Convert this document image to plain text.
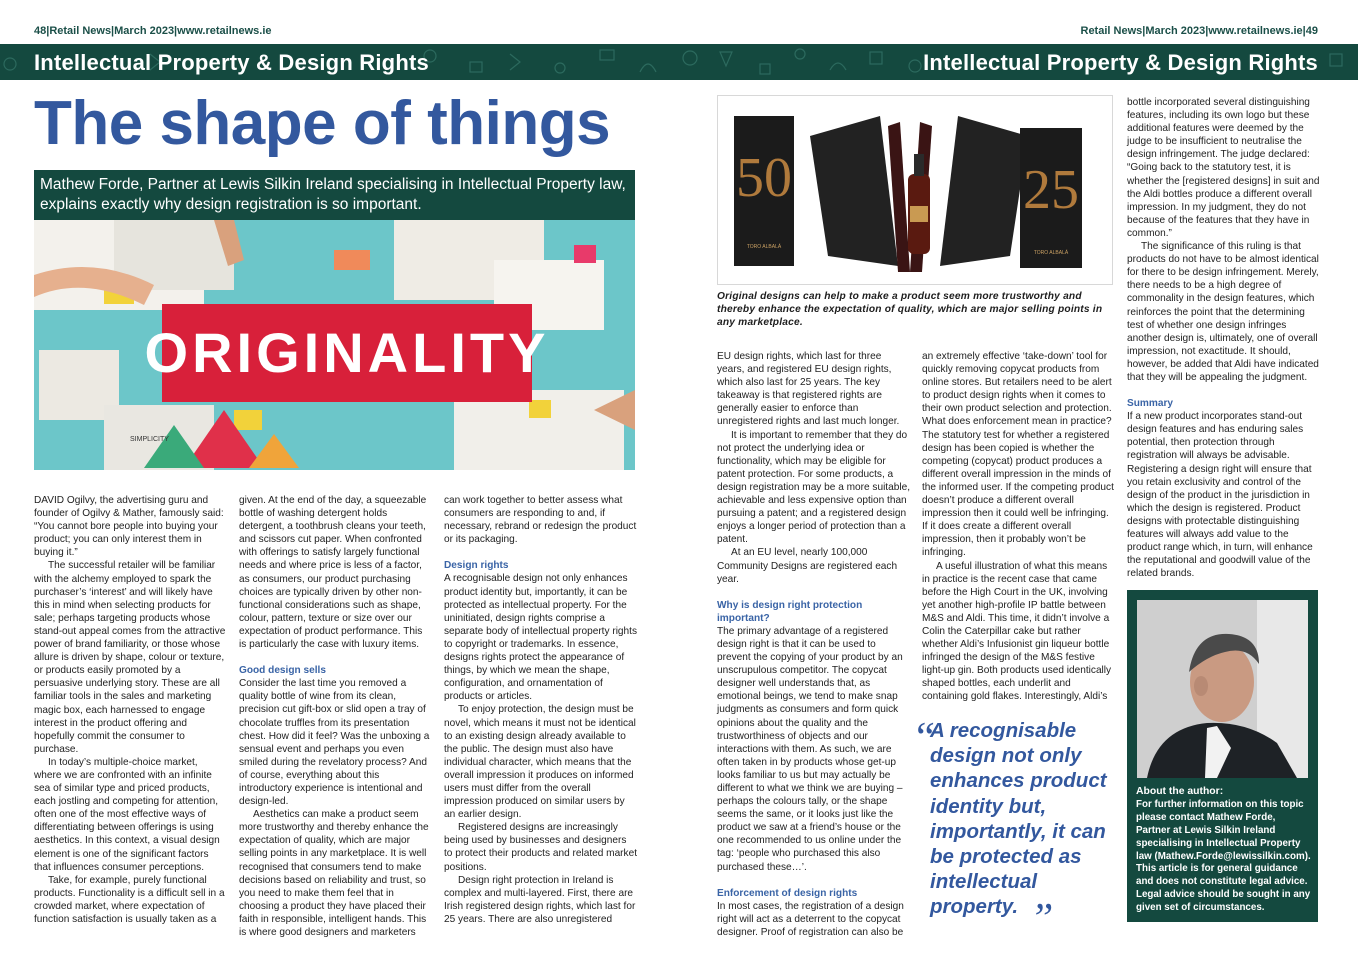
48|Retail News|March 2023|www.retailnews.ie	Retail News|March 2023|www.retailnews.ie|49
Intellectual Property & Design Rights	Intellectual Property & Design Rights
The shape of things
Mathew Forde, Partner at Lewis Silkin Ireland specialising in Intellectual Property law, explains exactly why design registration is so important.
ORIGINALITY
SIMPLICITY

DAVID Ogilvy, the advertising guru and founder of Ogilvy & Mather, famously said: “You cannot bore people into buying your product; you can only interest them in buying it.”

The successful retailer will be familiar with the alchemy employed to spark the purchaser’s ‘interest’ and will likely have this in mind when selecting products for sale; perhaps targeting products whose stand-out appeal comes from the attractive power of brand familiarity, or those whose allure is driven by shape, colour or texture, or products easily promoted by a persuasive underlying story. These are all familiar tools in the sales and marketing magic box, each harnessed to engage interest in the product offering and hopefully commit the consumer to purchase.

In today’s multiple-choice market, where we are confronted with an infinite sea of similar type and priced products, each jostling and competing for attention, often one of the most effective ways of differentiating between offerings is using aesthetics. In this context, a visual design element is one of the significant factors that influences consumer perceptions.

Take, for example, purely functional products. Functionality is a difficult sell in a crowded market, where expectation of function satisfaction is usually taken as a

given. At the end of the day, a squeezable bottle of washing detergent holds detergent, a toothbrush cleans your teeth, and scissors cut paper. When confronted with offerings to satisfy largely functional needs and where price is less of a factor, as consumers, our product purchasing choices are typically driven by other non-functional considerations such as shape, colour, pattern, texture or size over our expectation of product performance. This is particularly the case with luxury items.

Good design sells

Consider the last time you removed a quality bottle of wine from its clean, precision cut gift-box or slid open a tray of chocolate truffles from its presentation chest. How did it feel? Was the unboxing a sensual event and perhaps you even smiled during the revelatory process? And of course, everything about this introductory experience is intentional and design-led.

Aesthetics can make a product seem more trustworthy and thereby enhance the expectation of quality, which are major selling points in any marketplace. It is well recognised that consumers tend to make decisions based on reliability and trust, so you need to make them feel that in choosing a product they have placed their faith in responsible, intelligent hands. This is where good designers and marketers

can work together to better assess what consumers are responding to and, if necessary, rebrand or redesign the product or its packaging.

Design rights

A recognisable design not only enhances product identity but, importantly, it can be protected as intellectual property. For the uninitiated, design rights comprise a separate body of intellectual property rights to copyright or trademarks. In essence, designs rights protect the appearance of things, by which we mean the shape, configuration, and ornamentation of products or articles.

To enjoy protection, the design must be novel, which means it must not be identical to an existing design already available to the public. The design must also have individual character, which means that the overall impression it produces on informed users must differ from the overall impression produced on similar users by an earlier design.

Registered designs are increasingly being used by businesses and designers to protect their products and related market positions.

Design right protection in Ireland is complex and multi-layered. First, there are Irish registered design rights, which last for 25 years. There are also unregistered

50
TORO ALBALÁ
25
TORO ALBALÁ
Original designs can help to make a product seem more trustworthy and thereby enhance the expectation of quality, which are major selling points in any marketplace.

EU design rights, which last for three years, and registered EU design rights, which also last for 25 years. The key takeaway is that registered rights are generally easier to enforce than unregistered rights and last much longer.

It is important to remember that they do not protect the underlying idea or functionality, which may be eligible for patent protection. For some products, a design registration may be a more suitable, achievable and less expensive option than pursuing a patent; and a registered design enjoys a longer period of protection than a patent.

At an EU level, nearly 100,000 Community Designs are registered each year.

Why is design right protection important?

The primary advantage of a registered design right is that it can be used to prevent the copying of your product by an unscrupulous competitor. The copycat designer well understands that, as emotional beings, we tend to make snap judgments as consumers and form quick opinions about the quality and the trustworthiness of objects and our interactions with them. As such, we are often taken in by products whose get-up looks familiar to us but may actually be different to what we think we are buying – perhaps the colours tally, or the shape seems the same, or it looks just like the product we saw at a friend’s house or the one recommended to us online under the tag: ‘people who purchased this also purchased these…’.

Enforcement of design rights

In most cases, the registration of a design right will act as a deterrent to the copycat designer. Proof of registration can also be

an extremely effective ‘take-down’ tool for quickly removing copycat products from online stores. But retailers need to be alert to product design rights when it comes to their own product selection and protection. What does enforcement mean in practice? The statutory test for whether a registered design has been copied is whether the competing (copycat) product produces a different overall impression in the minds of the informed user. If the competing product doesn’t produce a different overall impression then it could well be infringing. If it does create a different overall impression, then it probably won’t be infringing.

A useful illustration of what this means in practice is the recent case that came before the High Court in the UK, involving yet another high-profile IP battle between M&S and Aldi. This time, it didn’t involve a Colin the Caterpillar cake but rather whether Aldi’s Infusionist gin liqueur bottle infringed the design of the M&S festive light-up gin. Both products used identically shaped bottles, each underlit and containing gold flakes. Interestingly, Aldi’s

“
A recognisable design not only enhances product identity but, importantly, it can be protected as intellectual property. ”

bottle incorporated several distinguishing features, including its own logo but these additional features were deemed by the judge to be insufficient to neutralise the design infringement. The judge declared: “Going back to the statutory test, it is whether the [registered designs] in suit and the Aldi bottles produce a different overall impression. In my judgment, they do not because of the features that they have in common.”

The significance of this ruling is that products do not have to be almost identical for there to be design infringement. Merely, there needs to be a high degree of commonality in the design features, which reinforces the point that the determining test of whether one design infringes another design is, ultimately, one of overall impression, not exactitude. It should, however, be added that Aldi have indicated that they will be appealing the judgment.

Summary

If a new product incorporates stand-out design features and has enduring sales potential, then protection through registration will always be advisable. Registering a design right will ensure that you retain exclusivity and control of the design of the product in the jurisdiction in which the design is registered. Product designs with protectable distinguishing features will always add value to the product range which, in turn, will enhance the reputational and goodwill value of the related brands.

About the author:
For further information on this topic please contact Mathew Forde, Partner at Lewis Silkin Ireland specialising in Intellectual Property law (Mathew.Forde@lewissilkin.com). This article is for general guidance and does not constitute legal advice. Legal advice should be sought in any given set of circumstances.
